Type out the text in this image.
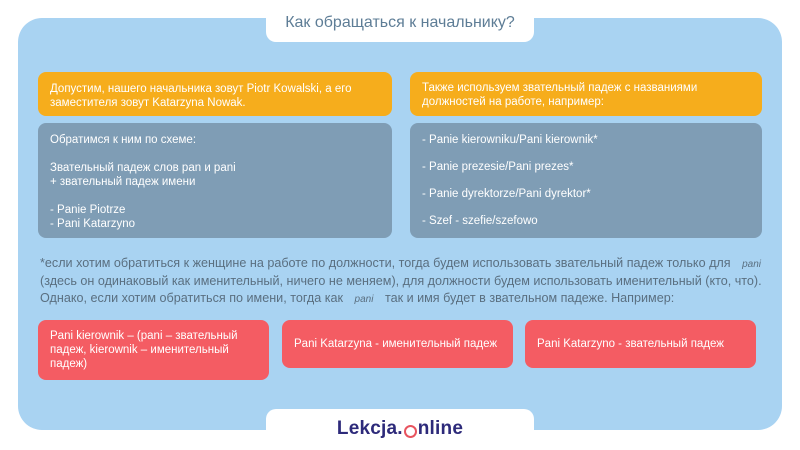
Как обращаться к начальнику?
Допустим, нашего начальника зовут Piotr Kowalski, а его
заместителя зовут Katarzyna Nowak.
Обратимся к ним по схеме:
Звательный падеж слов pan и pani
+ звательный падеж имени
- Panie Piotrze
- Pani Katarzyno
Также используем звательный падеж с названиями
должностей на работе, например:
- Panie kierowniku/Pani kierownik*
- Panie prezesie/Pani prezes*
- Panie dyrektorze/Pani dyrektor*
- Szef - szefie/szefowo
*если хотим обратиться к женщине на работе по должности, тогда будем использовать звательный падеж только для pani (здесь он одинаковый как именительный, ничего не меняем), для должности будем использовать именительный (кто, что). Однако, если хотим обратиться по имени, тогда как pani так и имя будет в звательном падеже. Например:
Pani kierownik – (pani – звательный
падеж, kierownik – именительный
падеж)
Pani Katarzyna - именительный падеж	Pani Katarzyno - звательный падеж
Lekcja. nline
